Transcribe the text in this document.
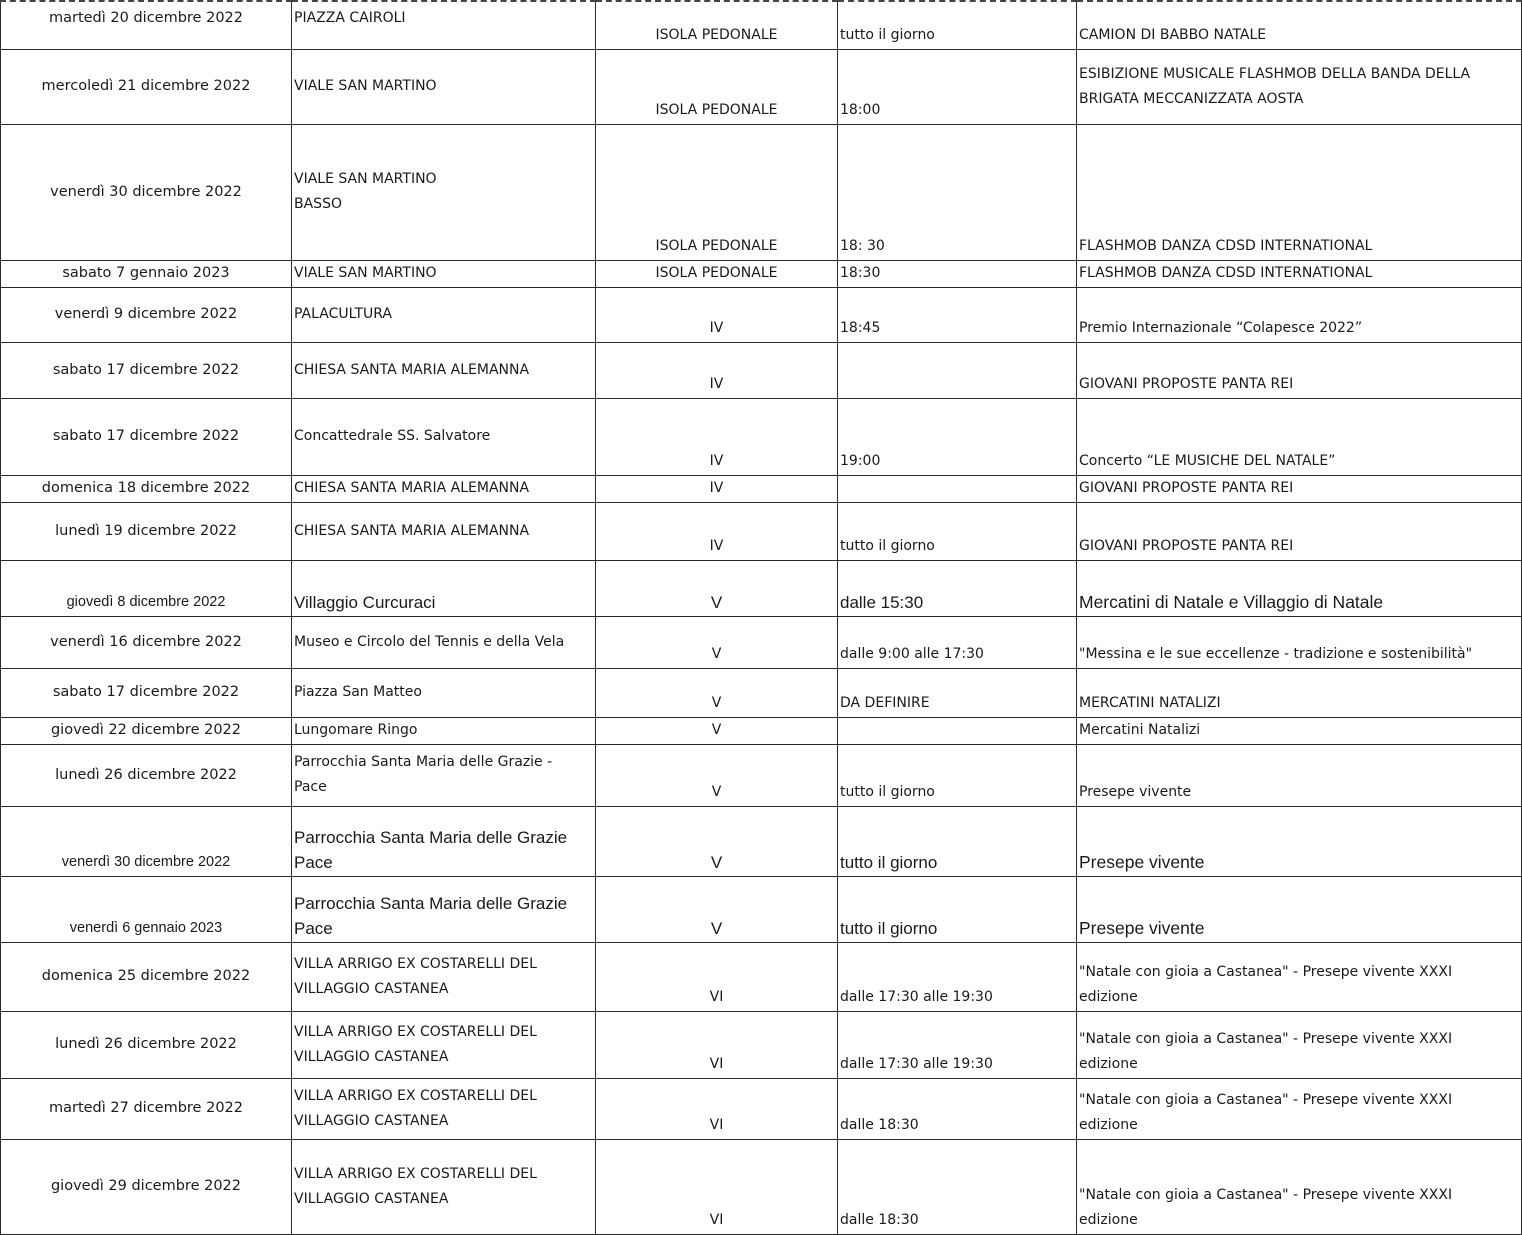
martedì 20 dicembre 2022	PIAZZA CAIROLI	ISOLA PEDONALE	tutto il giorno	CAMION DI BABBO NATALE

mercoledì 21 dicembre 2022	VIALE SAN MARTINO	ISOLA PEDONALE	18:00	ESIBIZIONE MUSICALE FLASHMOB DELLA BANDA DELLA
BRIGATA MECCANIZZATA AOSTA

venerdì 30 dicembre 2022	VIALE SAN MARTINO
BASSO	ISOLA PEDONALE	18: 30	FLASHMOB DANZA CDSD INTERNATIONAL

sabato 7 gennaio 2023	VIALE SAN MARTINO	ISOLA PEDONALE	18:30	FLASHMOB DANZA CDSD INTERNATIONAL

venerdì 9 dicembre 2022	PALACULTURA	IV	18:45	Premio Internazionale “Colapesce 2022”

sabato 17 dicembre 2022	CHIESA SANTA MARIA ALEMANNA	IV		GIOVANI PROPOSTE PANTA REI

sabato 17 dicembre 2022	Concattedrale SS. Salvatore	IV	19:00	Concerto “LE MUSICHE DEL NATALE”

domenica 18 dicembre 2022	CHIESA SANTA MARIA ALEMANNA	IV		GIOVANI PROPOSTE PANTA REI

lunedì 19 dicembre 2022	CHIESA SANTA MARIA ALEMANNA	IV	tutto il giorno	GIOVANI PROPOSTE PANTA REI

giovedì 8 dicembre 2022	Villaggio Curcuraci	V	dalle 15:30	Mercatini di Natale e Villaggio di Natale

venerdì 16 dicembre 2022	Museo e Circolo del Tennis e della Vela	V	dalle 9:00 alle 17:30	"Messina e le sue eccellenze - tradizione e sostenibilità"

sabato 17 dicembre 2022	Piazza San Matteo	V	DA DEFINIRE	MERCATINI NATALIZI

giovedì 22 dicembre 2022	Lungomare Ringo	V		Mercatini Natalizi

lunedì 26 dicembre 2022	Parrocchia Santa Maria delle Grazie -
Pace	V	tutto il giorno	Presepe vivente

venerdì 30 dicembre 2022	Parrocchia Santa Maria delle Grazie
Pace	V	tutto il giorno	Presepe vivente

venerdì 6 gennaio 2023	Parrocchia Santa Maria delle Grazie
Pace	V	tutto il giorno	Presepe vivente

domenica 25 dicembre 2022	VILLA ARRIGO EX COSTARELLI DEL
VILLAGGIO CASTANEA	VI	dalle 17:30 alle 19:30	"Natale con gioia a Castanea" - Presepe vivente XXXI
edizione

lunedì 26 dicembre 2022	VILLA ARRIGO EX COSTARELLI DEL
VILLAGGIO CASTANEA	VI	dalle 17:30 alle 19:30	"Natale con gioia a Castanea" - Presepe vivente XXXI
edizione

martedì 27 dicembre 2022	VILLA ARRIGO EX COSTARELLI DEL
VILLAGGIO CASTANEA	VI	dalle 18:30	"Natale con gioia a Castanea" - Presepe vivente XXXI
edizione

giovedì 29 dicembre 2022	VILLA ARRIGO EX COSTARELLI DEL
VILLAGGIO CASTANEA	VI	dalle 18:30	"Natale con gioia a Castanea" - Presepe vivente XXXI
edizione
